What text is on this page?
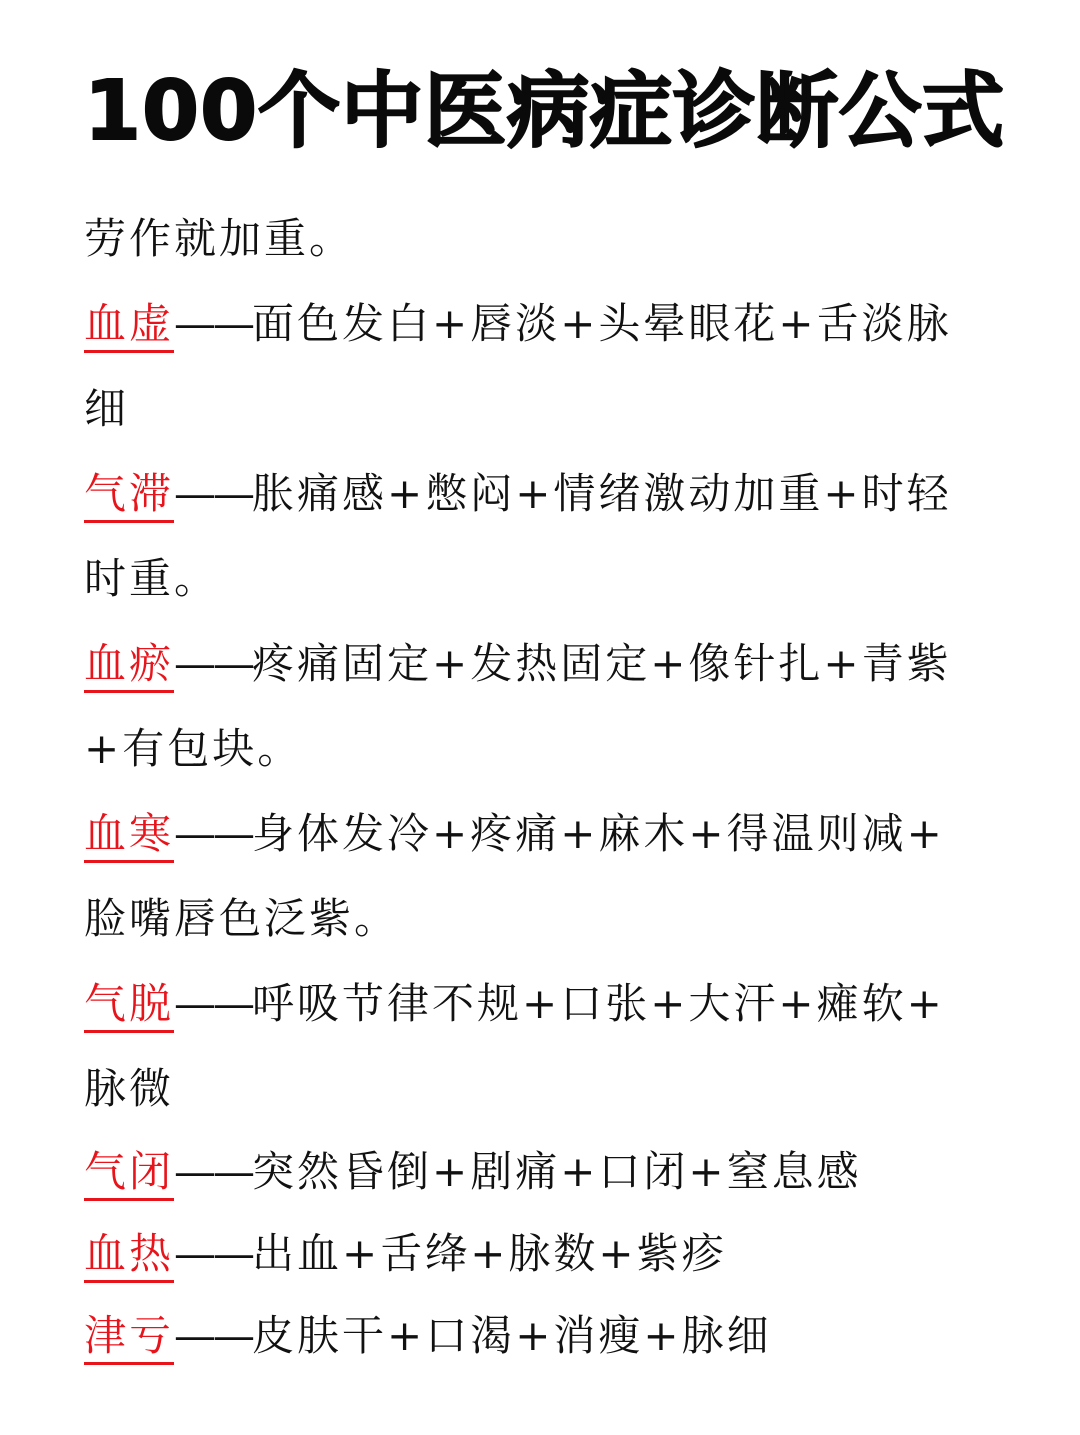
100个中医病症诊断公式
劳作就加重。
血虚——面色发白+唇淡+头晕眼花+舌淡脉
细
气滞——胀痛感+憋闷+情绪激动加重+时轻
时重。
血瘀——疼痛固定+发热固定+像针扎+青紫
+有包块。
血寒——身体发冷+疼痛+麻木+得温则减+
脸嘴唇色泛紫。
气脱——呼吸节律不规+口张+大汗+瘫软+
脉微
气闭——突然昏倒+剧痛+口闭+窒息感
血热——出血+舌绛+脉数+紫疹
津亏——皮肤干+口渴+消瘦+脉细
